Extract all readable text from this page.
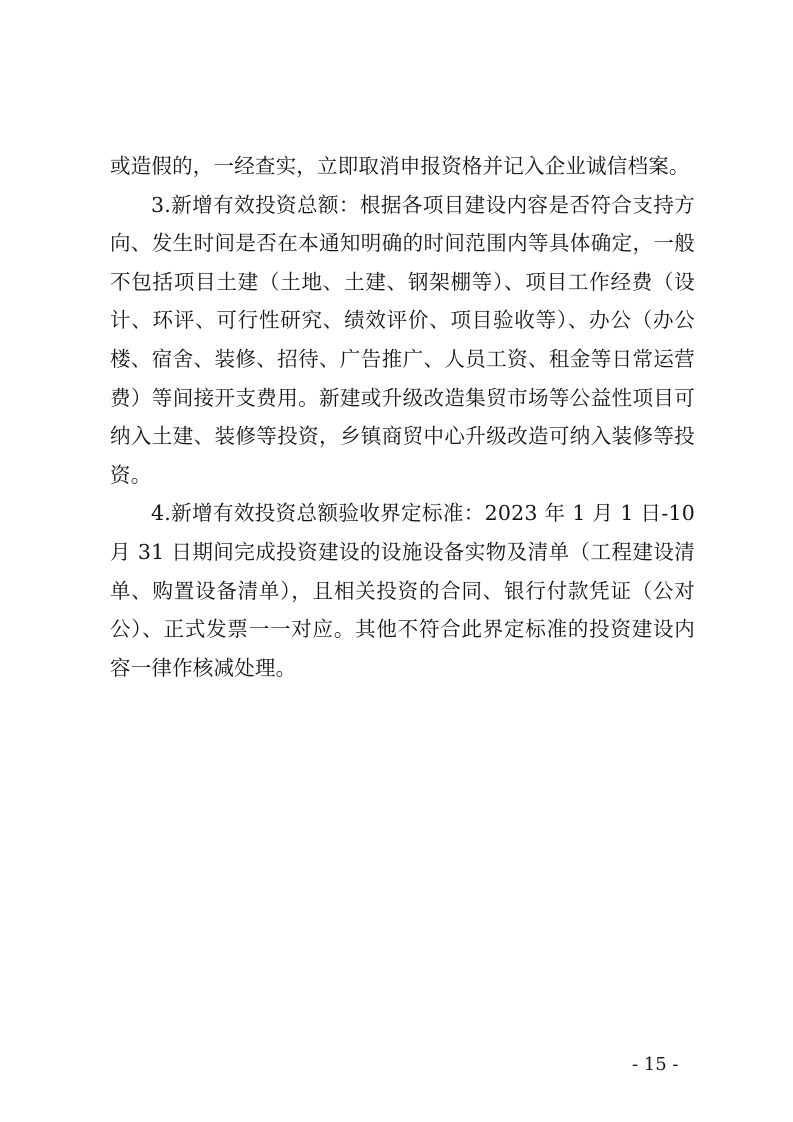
或造假的，一经查实，立即取消申报资格并记入企业诚信档案。

3.新增有效投资总额：根据各项目建设内容是否符合支持方向、发生时间是否在本通知明确的时间范围内等具体确定，一般不包括项目土建（土地、土建、钢架棚等）、项目工作经费（设计、环评、可行性研究、绩效评价、项目验收等）、办公（办公楼、宿舍、装修、招待、广告推广、人员工资、租金等日常运营费）等间接开支费用。新建或升级改造集贸市场等公益性项目可纳入土建、装修等投资，乡镇商贸中心升级改造可纳入装修等投资。

4.新增有效投资总额验收界定标准：2023 年 1 月 1 日-10 月 31 日期间完成投资建设的设施设备实物及清单（工程建设清单、购置设备清单），且相关投资的合同、银行付款凭证（公对公）、正式发票一一对应。其他不符合此界定标准的投资建设内容一律作核减处理。

- 15 -
